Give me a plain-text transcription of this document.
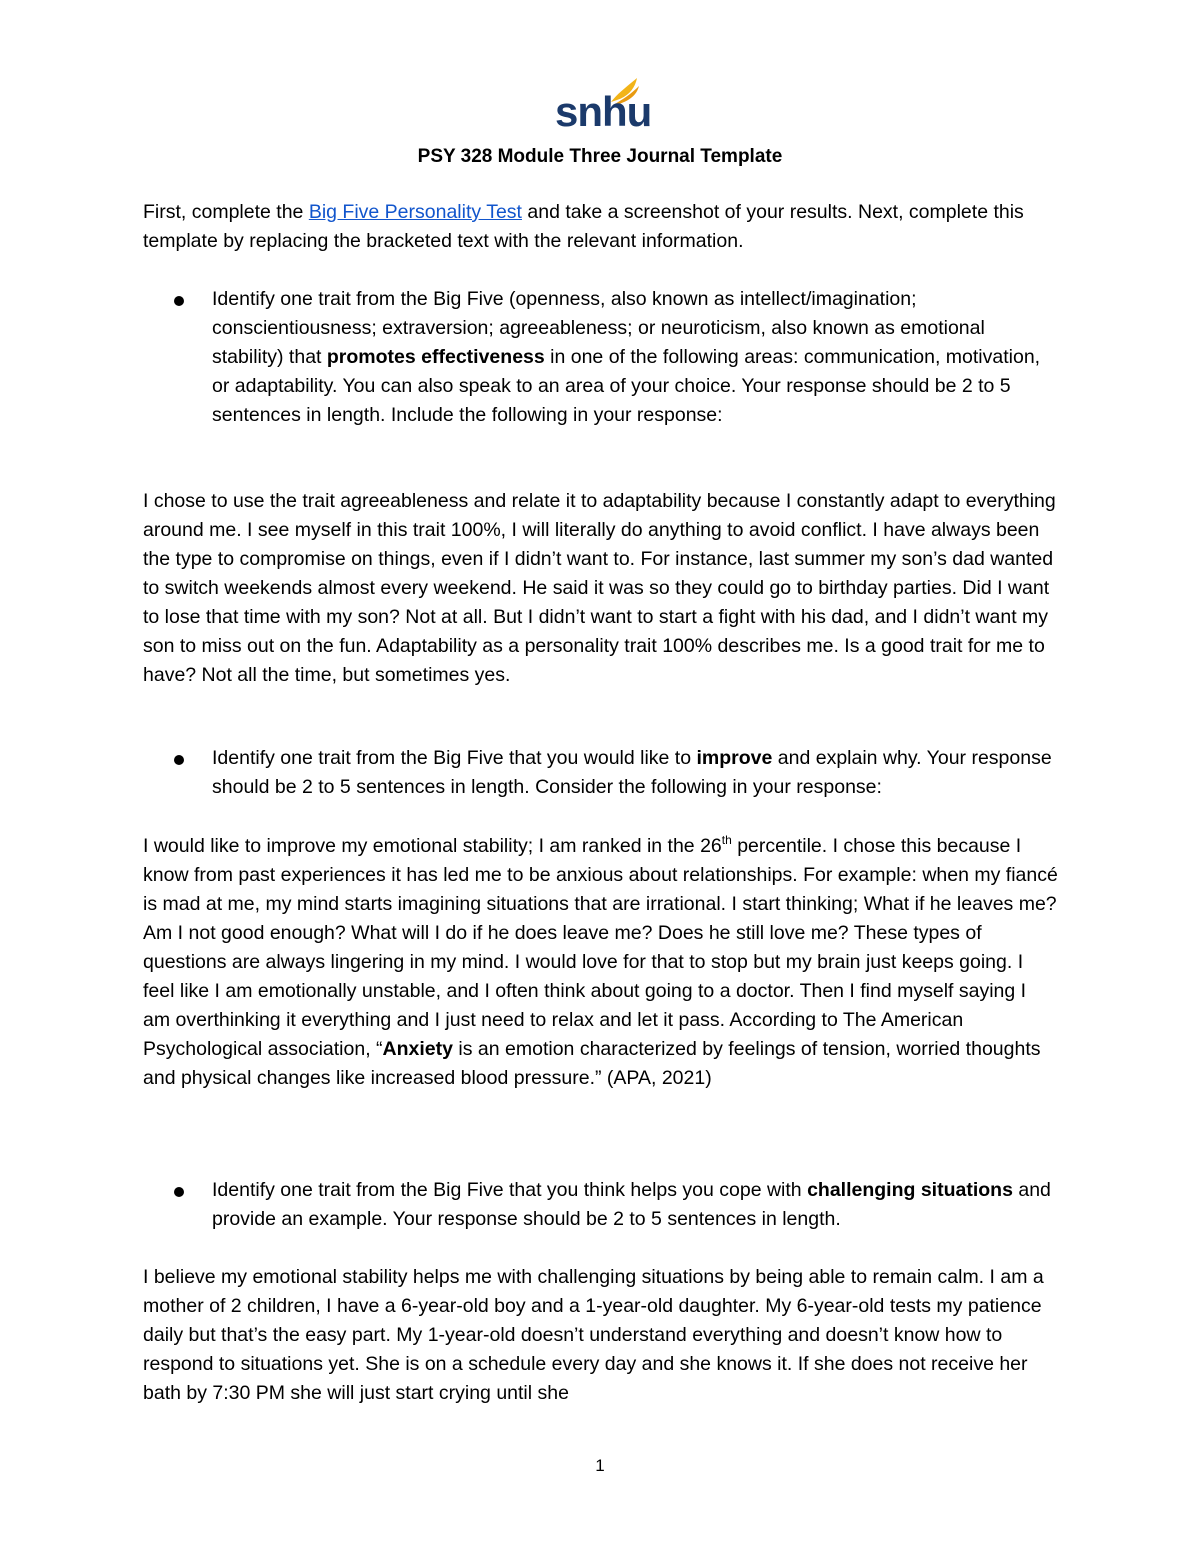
snhu
PSY 328 Module Three Journal Template

First, complete the Big Five Personality Test and take a screenshot of your results. Next, complete this template by replacing the bracketed text with the relevant information.

Identify one trait from the Big Five (openness, also known as intellect/imagination; conscientiousness; extraversion; agreeableness; or neuroticism, also known as emotional stability) that promotes effectiveness in one of the following areas: communication, motivation, or adaptability. You can also speak to an area of your choice. Your response should be 2 to 5 sentences in length. Include the following in your response:

I chose to use the trait agreeableness and relate it to adaptability because I constantly adapt to everything around me. I see myself in this trait 100%, I will literally do anything to avoid conflict. I have always been the type to compromise on things, even if I didn’t want to. For instance, last summer my son’s dad wanted to switch weekends almost every weekend. He said it was so they could go to birthday parties. Did I want to lose that time with my son? Not at all. But I didn’t want to start a fight with his dad, and I didn’t want my son to miss out on the fun. Adaptability as a personality trait 100% describes me. Is a good trait for me to have? Not all the time, but sometimes yes.

Identify one trait from the Big Five that you would like to improve and explain why. Your response should be 2 to 5 sentences in length. Consider the following in your response:

I would like to improve my emotional stability; I am ranked in the 26th percentile. I chose this because I know from past experiences it has led me to be anxious about relationships. For example: when my fiancé is mad at me, my mind starts imagining situations that are irrational. I start thinking; What if he leaves me? Am I not good enough? What will I do if he does leave me? Does he still love me? These types of questions are always lingering in my mind. I would love for that to stop but my brain just keeps going. I feel like I am emotionally unstable, and I often think about going to a doctor. Then I find myself saying I am overthinking it everything and I just need to relax and let it pass. According to The American Psychological association, “Anxiety is an emotion characterized by feelings of tension, worried thoughts and physical changes like increased blood pressure.” (APA, 2021)

Identify one trait from the Big Five that you think helps you cope with challenging situations and provide an example. Your response should be 2 to 5 sentences in length.

I believe my emotional stability helps me with challenging situations by being able to remain calm. I am a mother of 2 children, I have a 6-year-old boy and a 1-year-old daughter. My 6-year-old tests my patience daily but that’s the easy part. My 1-year-old doesn’t understand everything and doesn’t know how to respond to situations yet. She is on a schedule every day and she knows it. If she does not receive her bath by 7:30 PM she will just start crying until she

1
